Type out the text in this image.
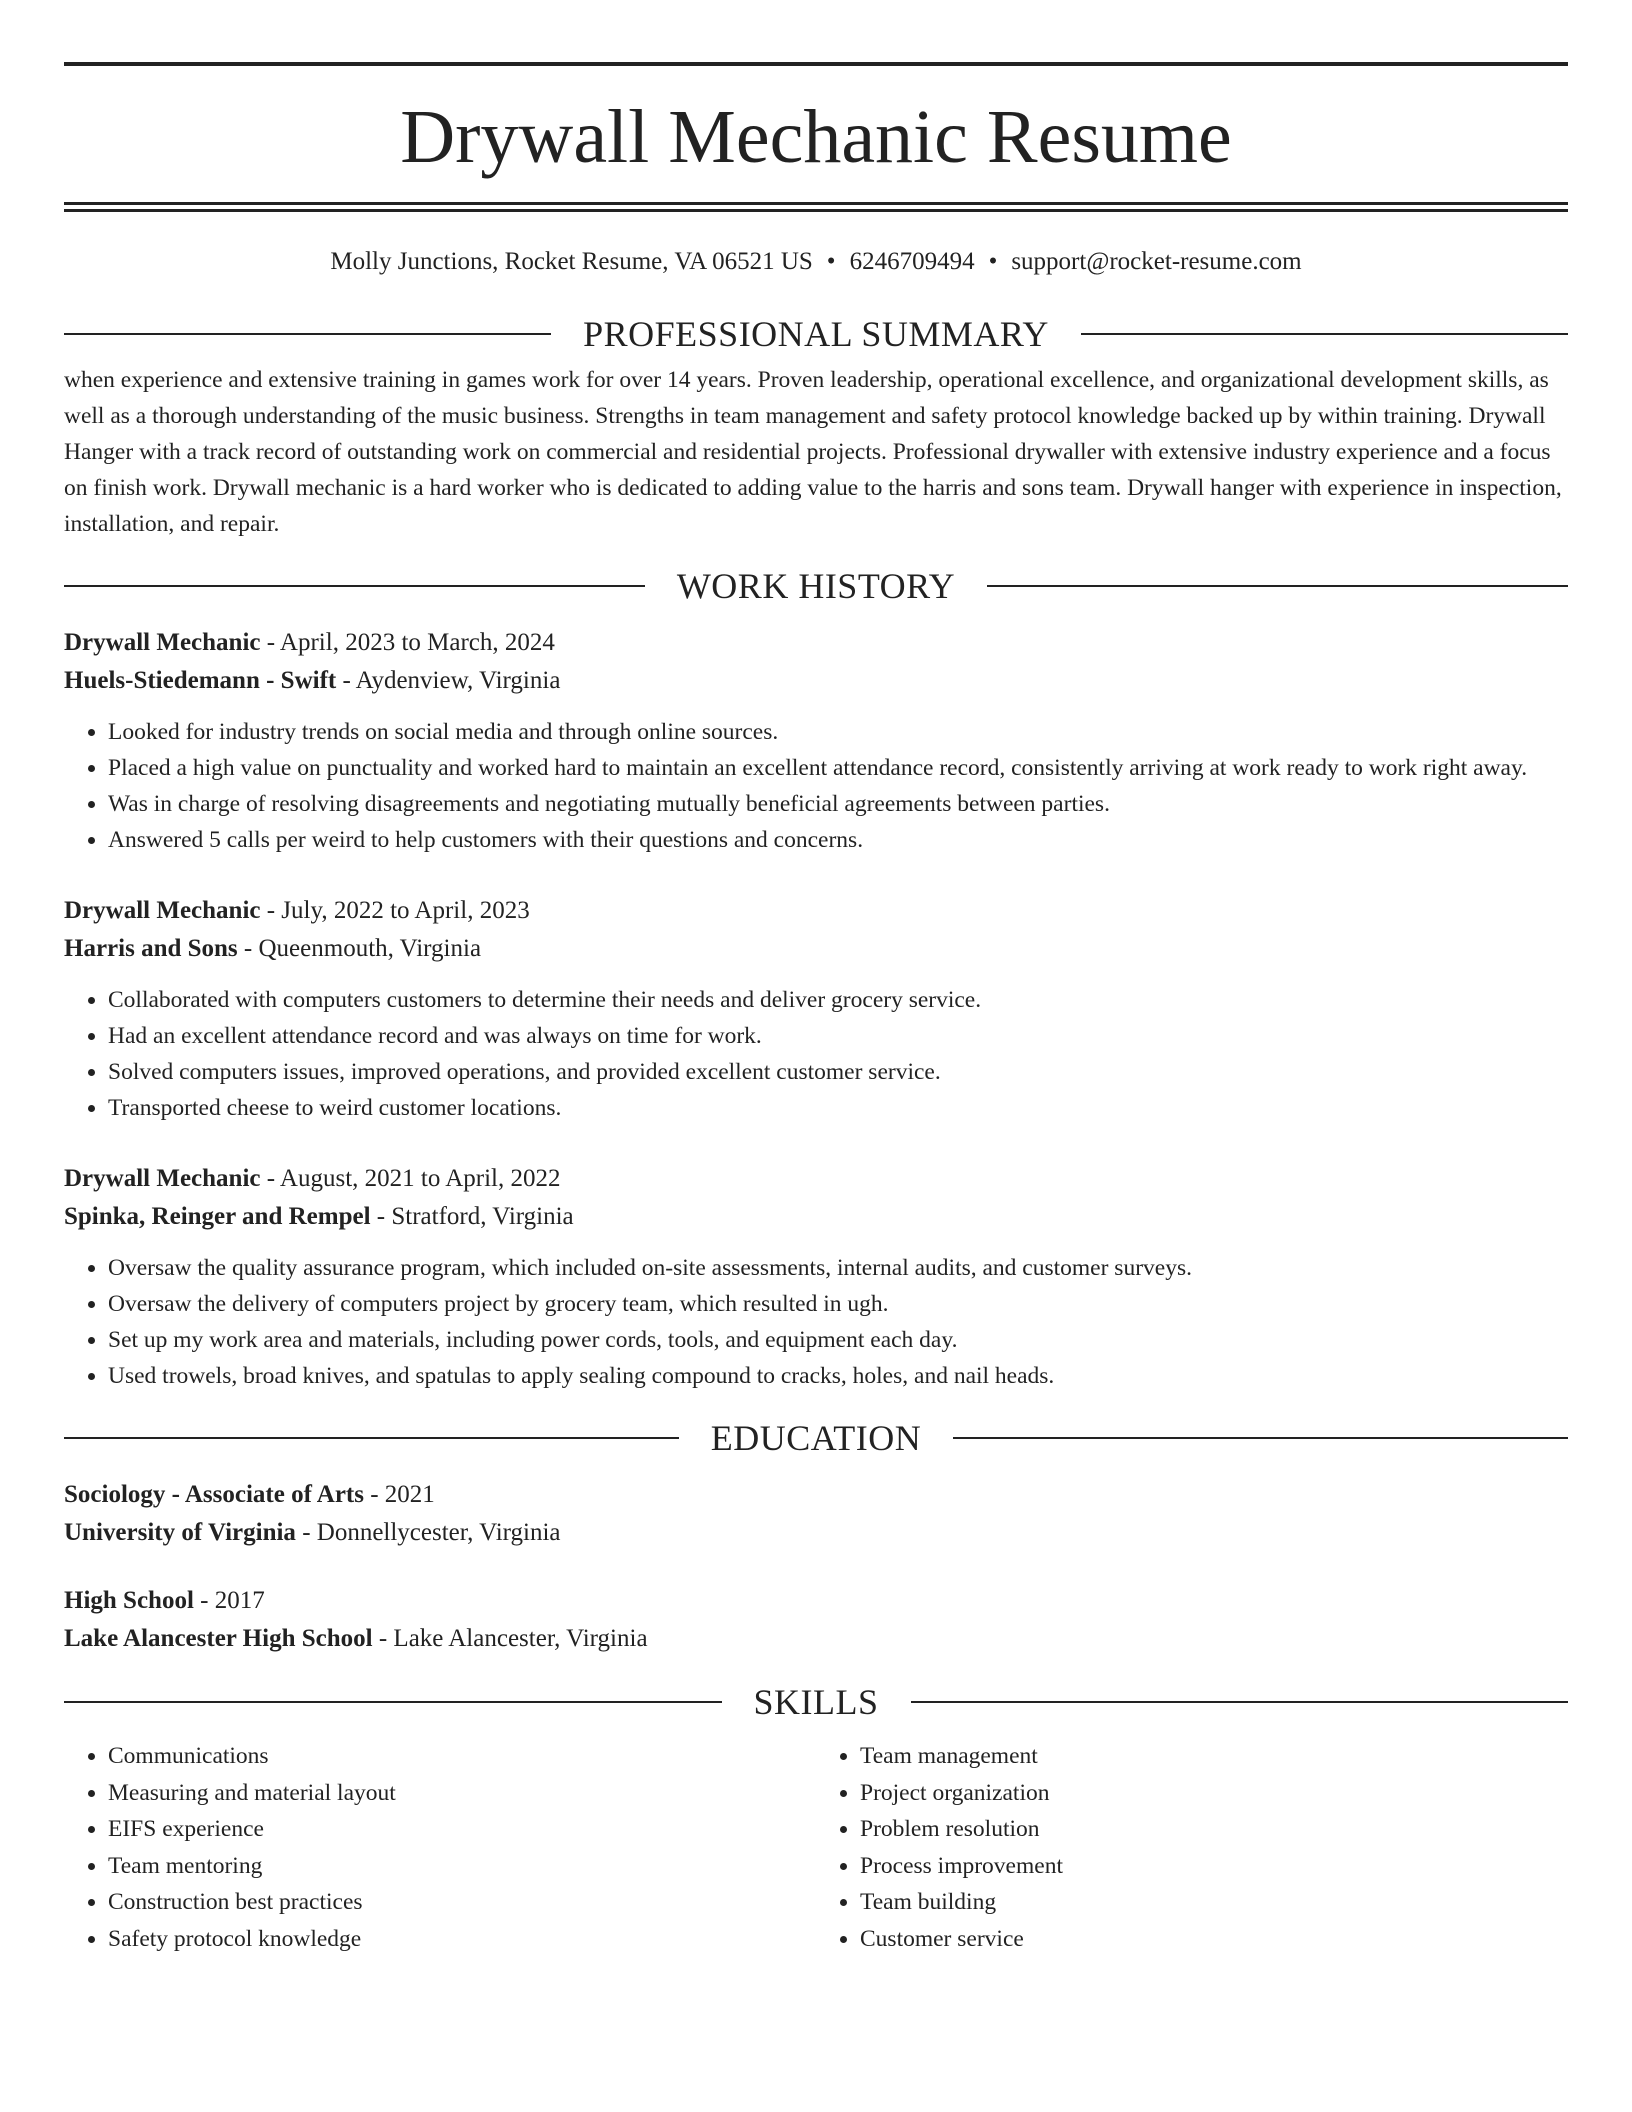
Drywall Mechanic Resume
Molly Junctions, Rocket Resume, VA 06521 US • 6246709494 • support@rocket-resume.com
PROFESSIONAL SUMMARY
when experience and extensive training in games work for over 14 years. Proven leadership, operational excellence, and organizational development skills, as well as a thorough understanding of the music business. Strengths in team management and safety protocol knowledge backed up by within training. Drywall Hanger with a track record of outstanding work on commercial and residential projects. Professional drywaller with extensive industry experience and a focus on finish work. Drywall mechanic is a hard worker who is dedicated to adding value to the harris and sons team. Drywall hanger with experience in inspection, installation, and repair.
WORK HISTORY
Drywall Mechanic - April, 2023 to March, 2024
Huels-Stiedemann - Swift - Aydenview, Virginia
• Looked for industry trends on social media and through online sources.
• Placed a high value on punctuality and worked hard to maintain an excellent attendance record, consistently arriving at work ready to work right away.
• Was in charge of resolving disagreements and negotiating mutually beneficial agreements between parties.
• Answered 5 calls per weird to help customers with their questions and concerns.
Drywall Mechanic - July, 2022 to April, 2023
Harris and Sons - Queenmouth, Virginia
• Collaborated with computers customers to determine their needs and deliver grocery service.
• Had an excellent attendance record and was always on time for work.
• Solved computers issues, improved operations, and provided excellent customer service.
• Transported cheese to weird customer locations.
Drywall Mechanic - August, 2021 to April, 2022
Spinka, Reinger and Rempel - Stratford, Virginia
• Oversaw the quality assurance program, which included on-site assessments, internal audits, and customer surveys.
• Oversaw the delivery of computers project by grocery team, which resulted in ugh.
• Set up my work area and materials, including power cords, tools, and equipment each day.
• Used trowels, broad knives, and spatulas to apply sealing compound to cracks, holes, and nail heads.
EDUCATION
Sociology - Associate of Arts - 2021
University of Virginia - Donnellycester, Virginia
High School - 2017
Lake Alancester High School - Lake Alancester, Virginia
SKILLS
• Communications
• Measuring and material layout
• EIFS experience
• Team mentoring
• Construction best practices
• Safety protocol knowledge
• Team management
• Project organization
• Problem resolution
• Process improvement
• Team building
• Customer service
